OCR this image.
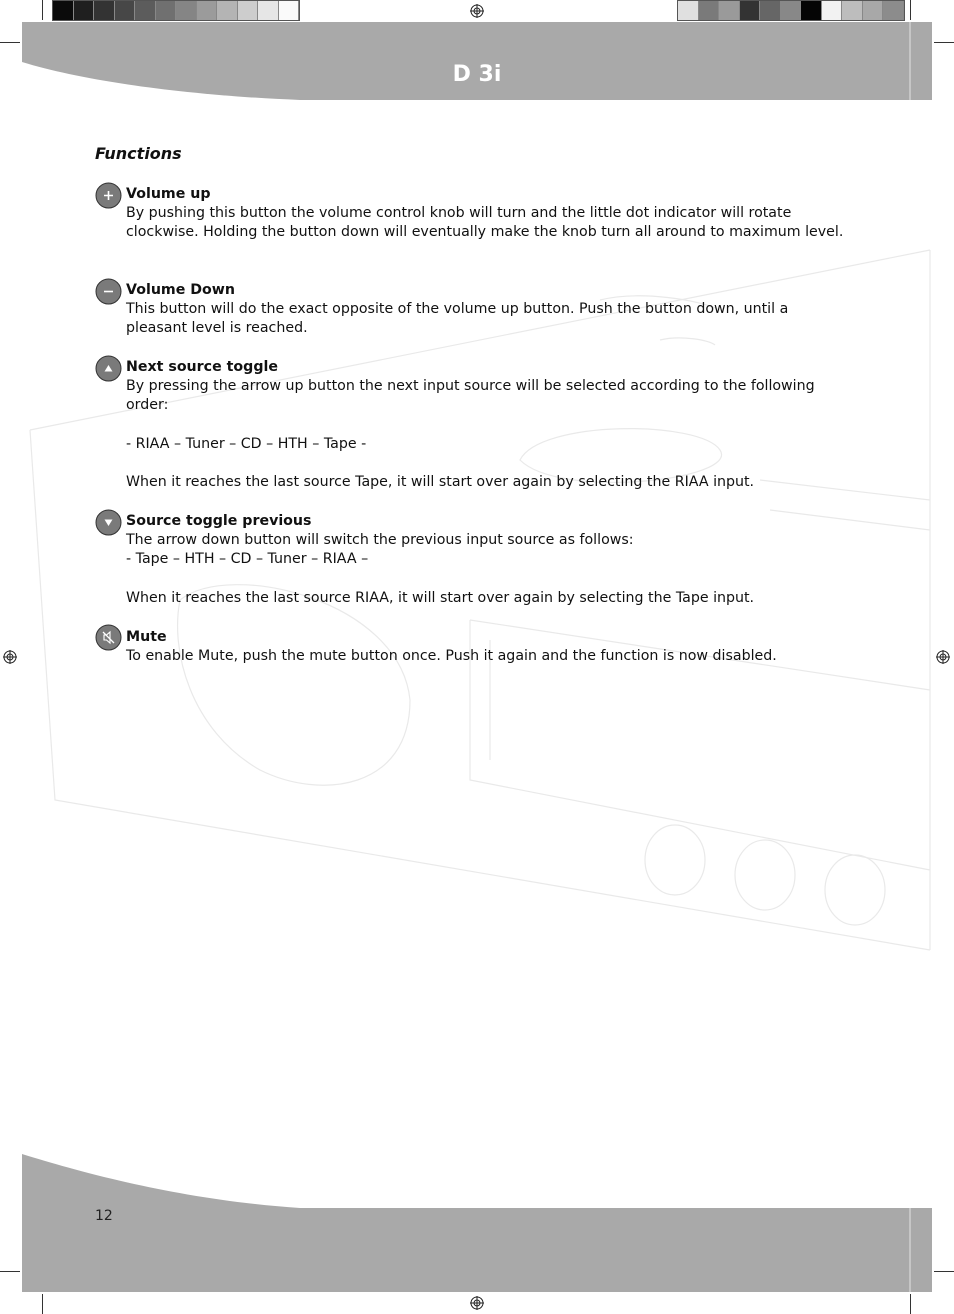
D 3i
12
Functions
Volume up

By pushing this button the volume control knob will turn and the little dot indicator will rotate clockwise. Holding the button down will eventually make the knob turn all around to maximum level.

Volume Down

This button will do the exact opposite of the volume up button. Push the button down, until a pleasant level is reached.

Next source toggle

By pressing the arrow up button the next input source will be selected according to the following order:

- RIAA – Tuner – CD – HTH – Tape -

When it reaches the last source Tape, it will start over again by selecting the RIAA input.

Source toggle previous

The arrow down button will switch the previous input source as follows:

- Tape – HTH – CD – Tuner – RIAA –

When it reaches the last source RIAA, it will start over again by selecting the Tape input.

Mute

To enable Mute, push the mute button once. Push it again and the function is now disabled.
